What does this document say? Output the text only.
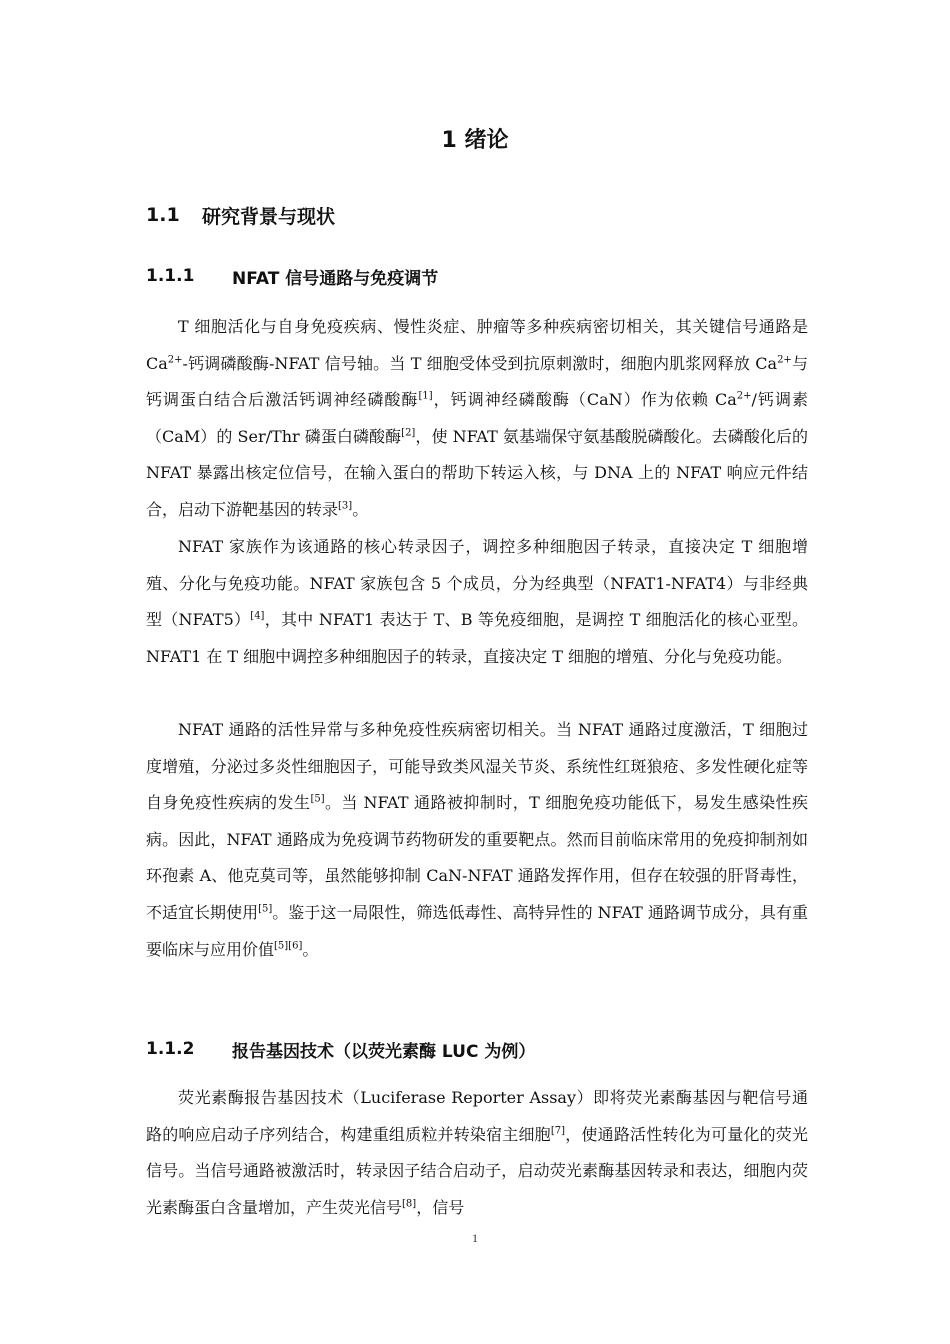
1 绪论
1.1	研究背景与现状
1.1.1	NFAT 信号通路与免疫调节

T 细胞活化与自身免疫疾病、慢性炎症、肿瘤等多种疾病密切相关，其关键信号通路是 $Ca^{2+}-$钙调磷酸酶-NFAT 信号轴。当 T 细胞受体受到抗原刺激时，细胞内肌浆网释放 $Ca^{2+}$与钙调蛋白结合后激活钙调神经磷酸酶[1]，钙调神经磷酸酶（CaN）作为依赖 $Ca^{2+}/$钙调素（CaM）的 Ser/Thr 磷蛋白磷酸酶[2]，使 NFAT 氨基端保守氨基酸脱磷酸化。去磷酸化后的 NFAT 暴露出核定位信号，在输入蛋白的帮助下转运入核，与 DNA 上的 NFAT 响应元件结合，启动下游靶基因的转录[3]。

NFAT 家族作为该通路的核心转录因子，调控多种细胞因子转录，直接决定 T 细胞增殖、分化与免疫功能。NFAT 家族包含 5 个成员，分为经典型（NFAT1-NFAT4）与非经典型（NFAT5）[4]，其中 NFAT1 表达于 T、B 等免疫细胞，是调控 T 细胞活化的核心亚型。NFAT1 在 T 细胞中调控多种细胞因子的转录，直接决定 T 细胞的增殖、分化与免疫功能。

NFAT 通路的活性异常与多种免疫性疾病密切相关。当 NFAT 通路过度激活，T 细胞过度增殖，分泌过多炎性细胞因子，可能导致类风湿关节炎、系统性红斑狼疮、多发性硬化症等自身免疫性疾病的发生[5]。当 NFAT 通路被抑制时，T 细胞免疫功能低下，易发生感染性疾病。因此，NFAT 通路成为免疫调节药物研发的重要靶点。然而目前临床常用的免疫抑制剂如环孢素 A、他克莫司等，虽然能够抑制 CaN-NFAT 通路发挥作用，但存在较强的肝肾毒性，不适宜长期使用[5]。鉴于这一局限性，筛选低毒性、高特异性的 NFAT 通路调节成分，具有重要临床与应用价值[5][6]。

1.1.2	报告基因技术（以荧光素酶 LUC 为例）

荧光素酶报告基因技术（Luciferase Reporter Assay）即将荧光素酶基因与靶信号通路的响应启动子序列结合，构建重组质粒并转染宿主细胞[7]，使通路活性转化为可量化的荧光信号。当信号通路被激活时，转录因子结合启动子，启动荧光素酶基因转录和表达，细胞内荧光素酶蛋白含量增加，产生荧光信号[8]，信号

1
